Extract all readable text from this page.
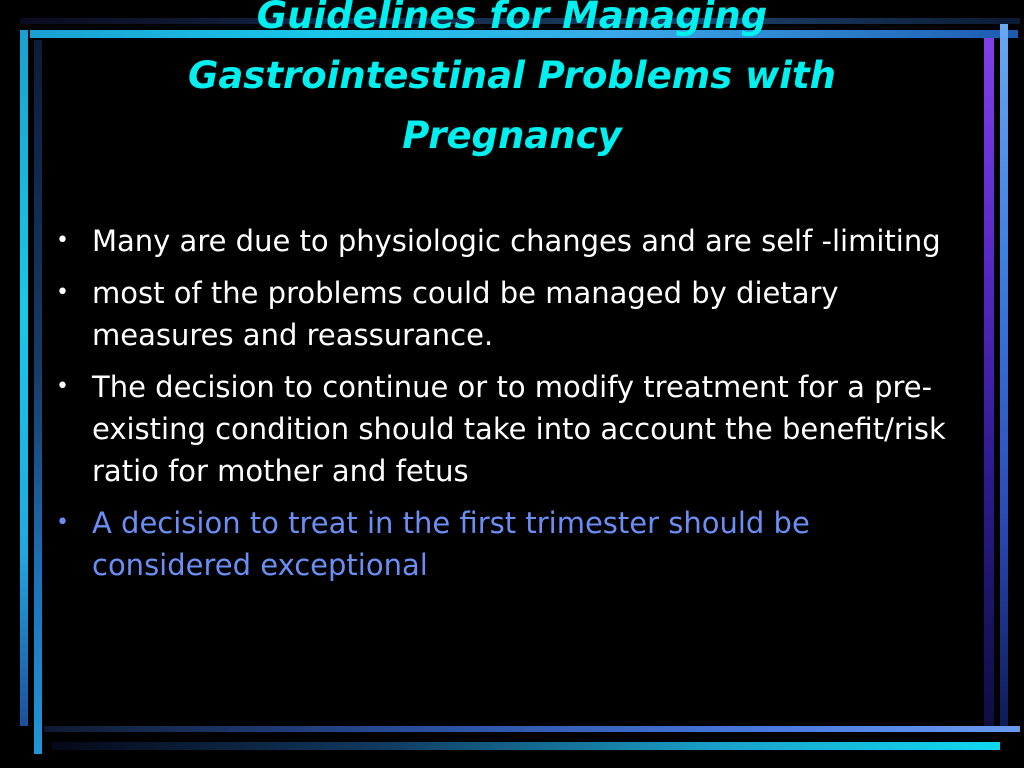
Guidelines for Managing
Gastrointestinal Problems with
Pregnancy
• Many are due to physiologic changes and are self -limiting
• most of the problems could be managed by dietary measures and reassurance.
• The decision to continue or to modify treatment for a pre-existing condition should take into account the benefit/risk ratio for mother and fetus
• A decision to treat in the first trimester should be considered exceptional
